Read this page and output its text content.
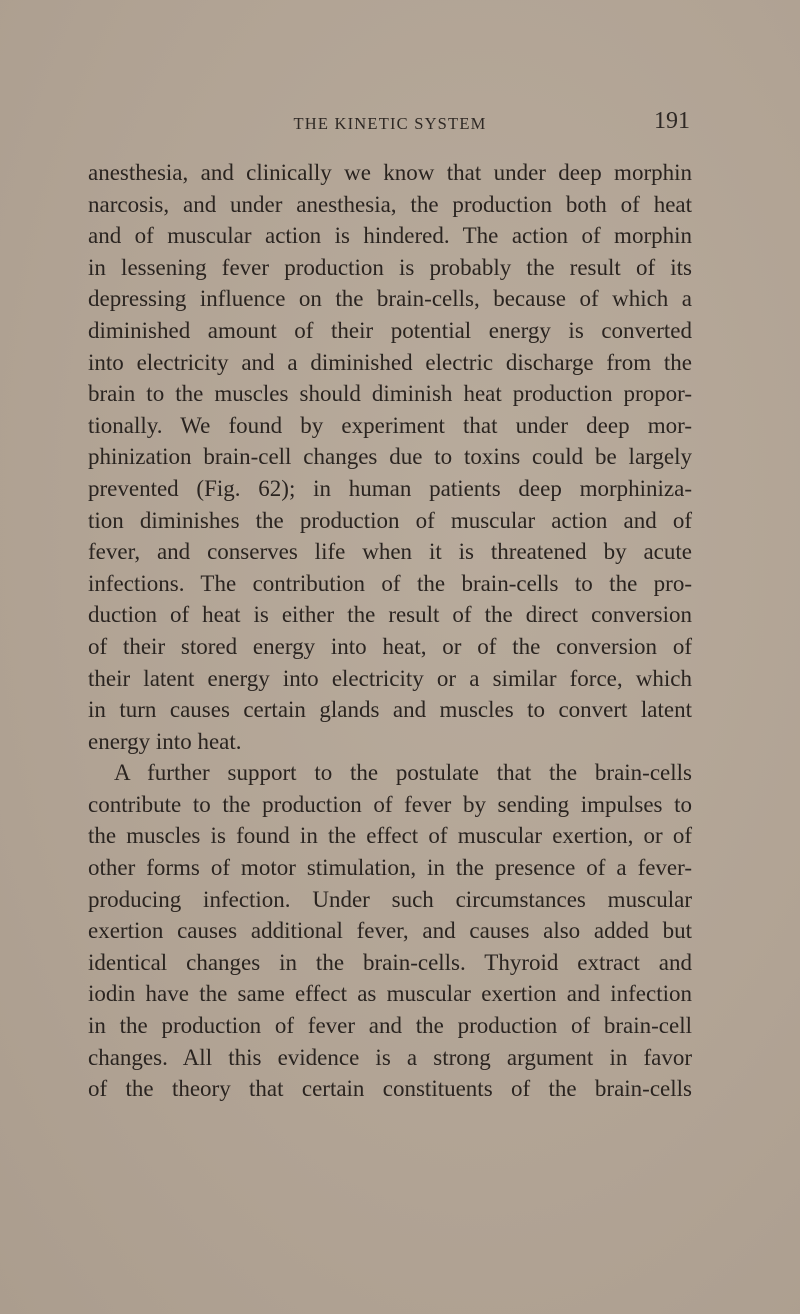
THE KINETIC SYSTEM	191
anesthesia, and clinically we know that under deep morphin
narcosis, and under anesthesia, the production both of heat
and of muscular action is hindered. The action of morphin
in lessening fever production is probably the result of its
depressing influence on the brain-cells, because of which a
diminished amount of their potential energy is converted
into electricity and a diminished electric discharge from the
brain to the muscles should diminish heat production propor-
tionally. We found by experiment that under deep mor-
phinization brain-cell changes due to toxins could be largely
prevented (Fig. 62); in human patients deep morphiniza-
tion diminishes the production of muscular action and of
fever, and conserves life when it is threatened by acute
infections. The contribution of the brain-cells to the pro-
duction of heat is either the result of the direct conversion
of their stored energy into heat, or of the conversion of
their latent energy into electricity or a similar force, which
in turn causes certain glands and muscles to convert latent
energy into heat.
A further support to the postulate that the brain-cells
contribute to the production of fever by sending impulses to
the muscles is found in the effect of muscular exertion, or of
other forms of motor stimulation, in the presence of a fever-
producing infection. Under such circumstances muscular
exertion causes additional fever, and causes also added but
identical changes in the brain-cells. Thyroid extract and
iodin have the same effect as muscular exertion and infection
in the production of fever and the production of brain-cell
changes. All this evidence is a strong argument in favor
of the theory that certain constituents of the brain-cells
